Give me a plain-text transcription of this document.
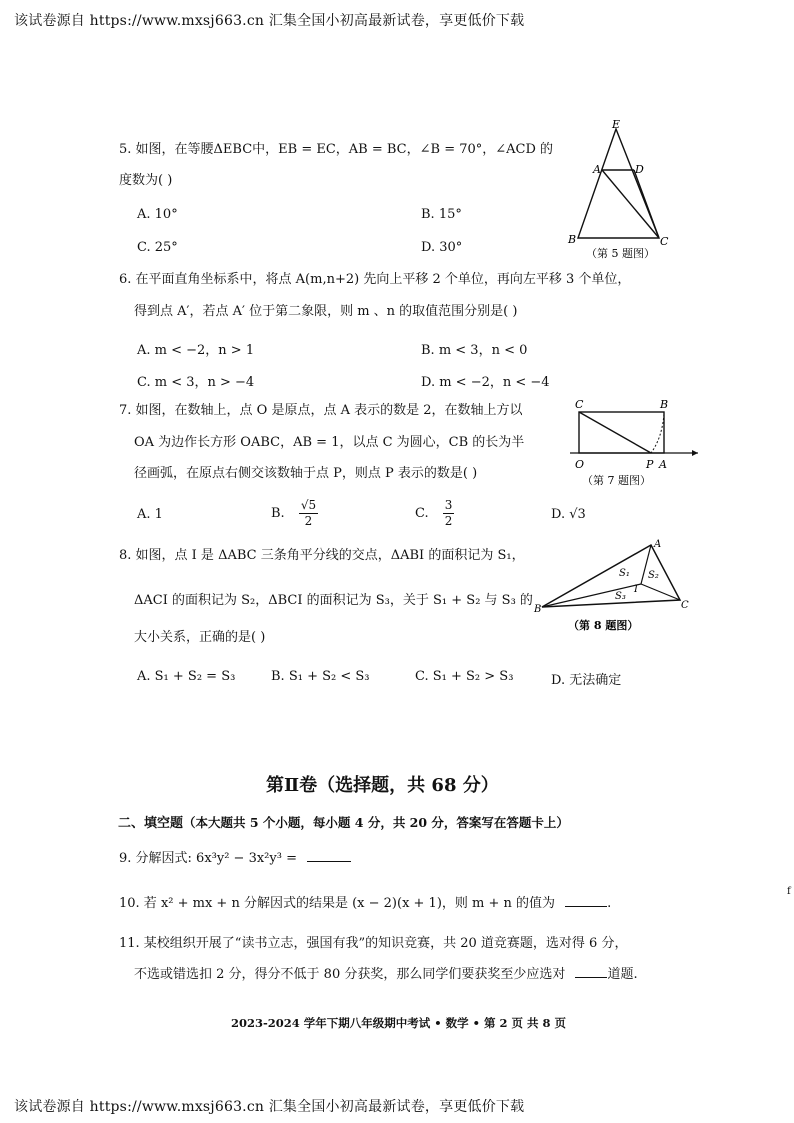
该试卷源自 https://www.mxsj663.cn 汇集全国小初高最新试卷，享更低价下载
5. 如图，在等腰ΔEBC中，EB = EC，AB = BC，∠B = 70°，∠ACD 的
度数为( )
A. 10°	B. 15°
C. 25°	D. 30°
E
A	D
B	C
（第 5 题图）
6. 在平面直角坐标系中，将点 A(m,n+2) 先向上平移 2 个单位，再向左平移 3 个单位，
得到点 A′，若点 A′ 位于第二象限，则 m 、n 的取值范围分别是( )
A. m < −2，n > 1	B. m < 3，n < 0
C. m < 3，n > −4	D. m < −2，n < −4
7. 如图，在数轴上，点 O 是原点，点 A 表示的数是 2，在数轴上方以
OA 为边作长方形 OABC，AB = 1，以点 C 为圆心，CB 的长为半
径画弧，在原点右侧交该数轴于点 P，则点 P 表示的数是( )
A. 1	B. $\frac{√5}{2}$	C. $\frac{3}{2}$	D. √3
C	B
O	P A
（第 7 题图）
8. 如图，点 I 是 ΔABC 三条角平分线的交点，ΔABI 的面积记为 S₁，
ΔACI 的面积记为 S₂，ΔBCI 的面积记为 S₃，关于 S₁ + S₂ 与 S₃ 的
大小关系，正确的是( )
A. S₁ + S₂ = S₃	B. S₁ + S₂ < S₃	C. S₁ + S₂ > S₃	D. 无法确定
A
B	C
I
S₁ S₂
S₃
（第 8 题图）
第Ⅱ卷（选择题，共 68 分）
二、填空题（本大题共 5 个小题，每小题 4 分，共 20 分，答案写在答题卡上）
9. 分解因式: 6x³y² − 3x²y³ =
10. 若 x² + mx + n 分解因式的结果是 (x − 2)(x + 1)，则 m + n 的值为	.
f
11. 某校组织开展了“读书立志，强国有我”的知识竞赛，共 20 道竞赛题，选对得 6 分，
不选或错选扣 2 分，得分不低于 80 分获奖，那么同学们要获奖至少应选对	道题.
2023-2024 学年下期八年级期中考试 • 数学 • 第 2 页 共 8 页
该试卷源自 https://www.mxsj663.cn 汇集全国小初高最新试卷，享更低价下载
